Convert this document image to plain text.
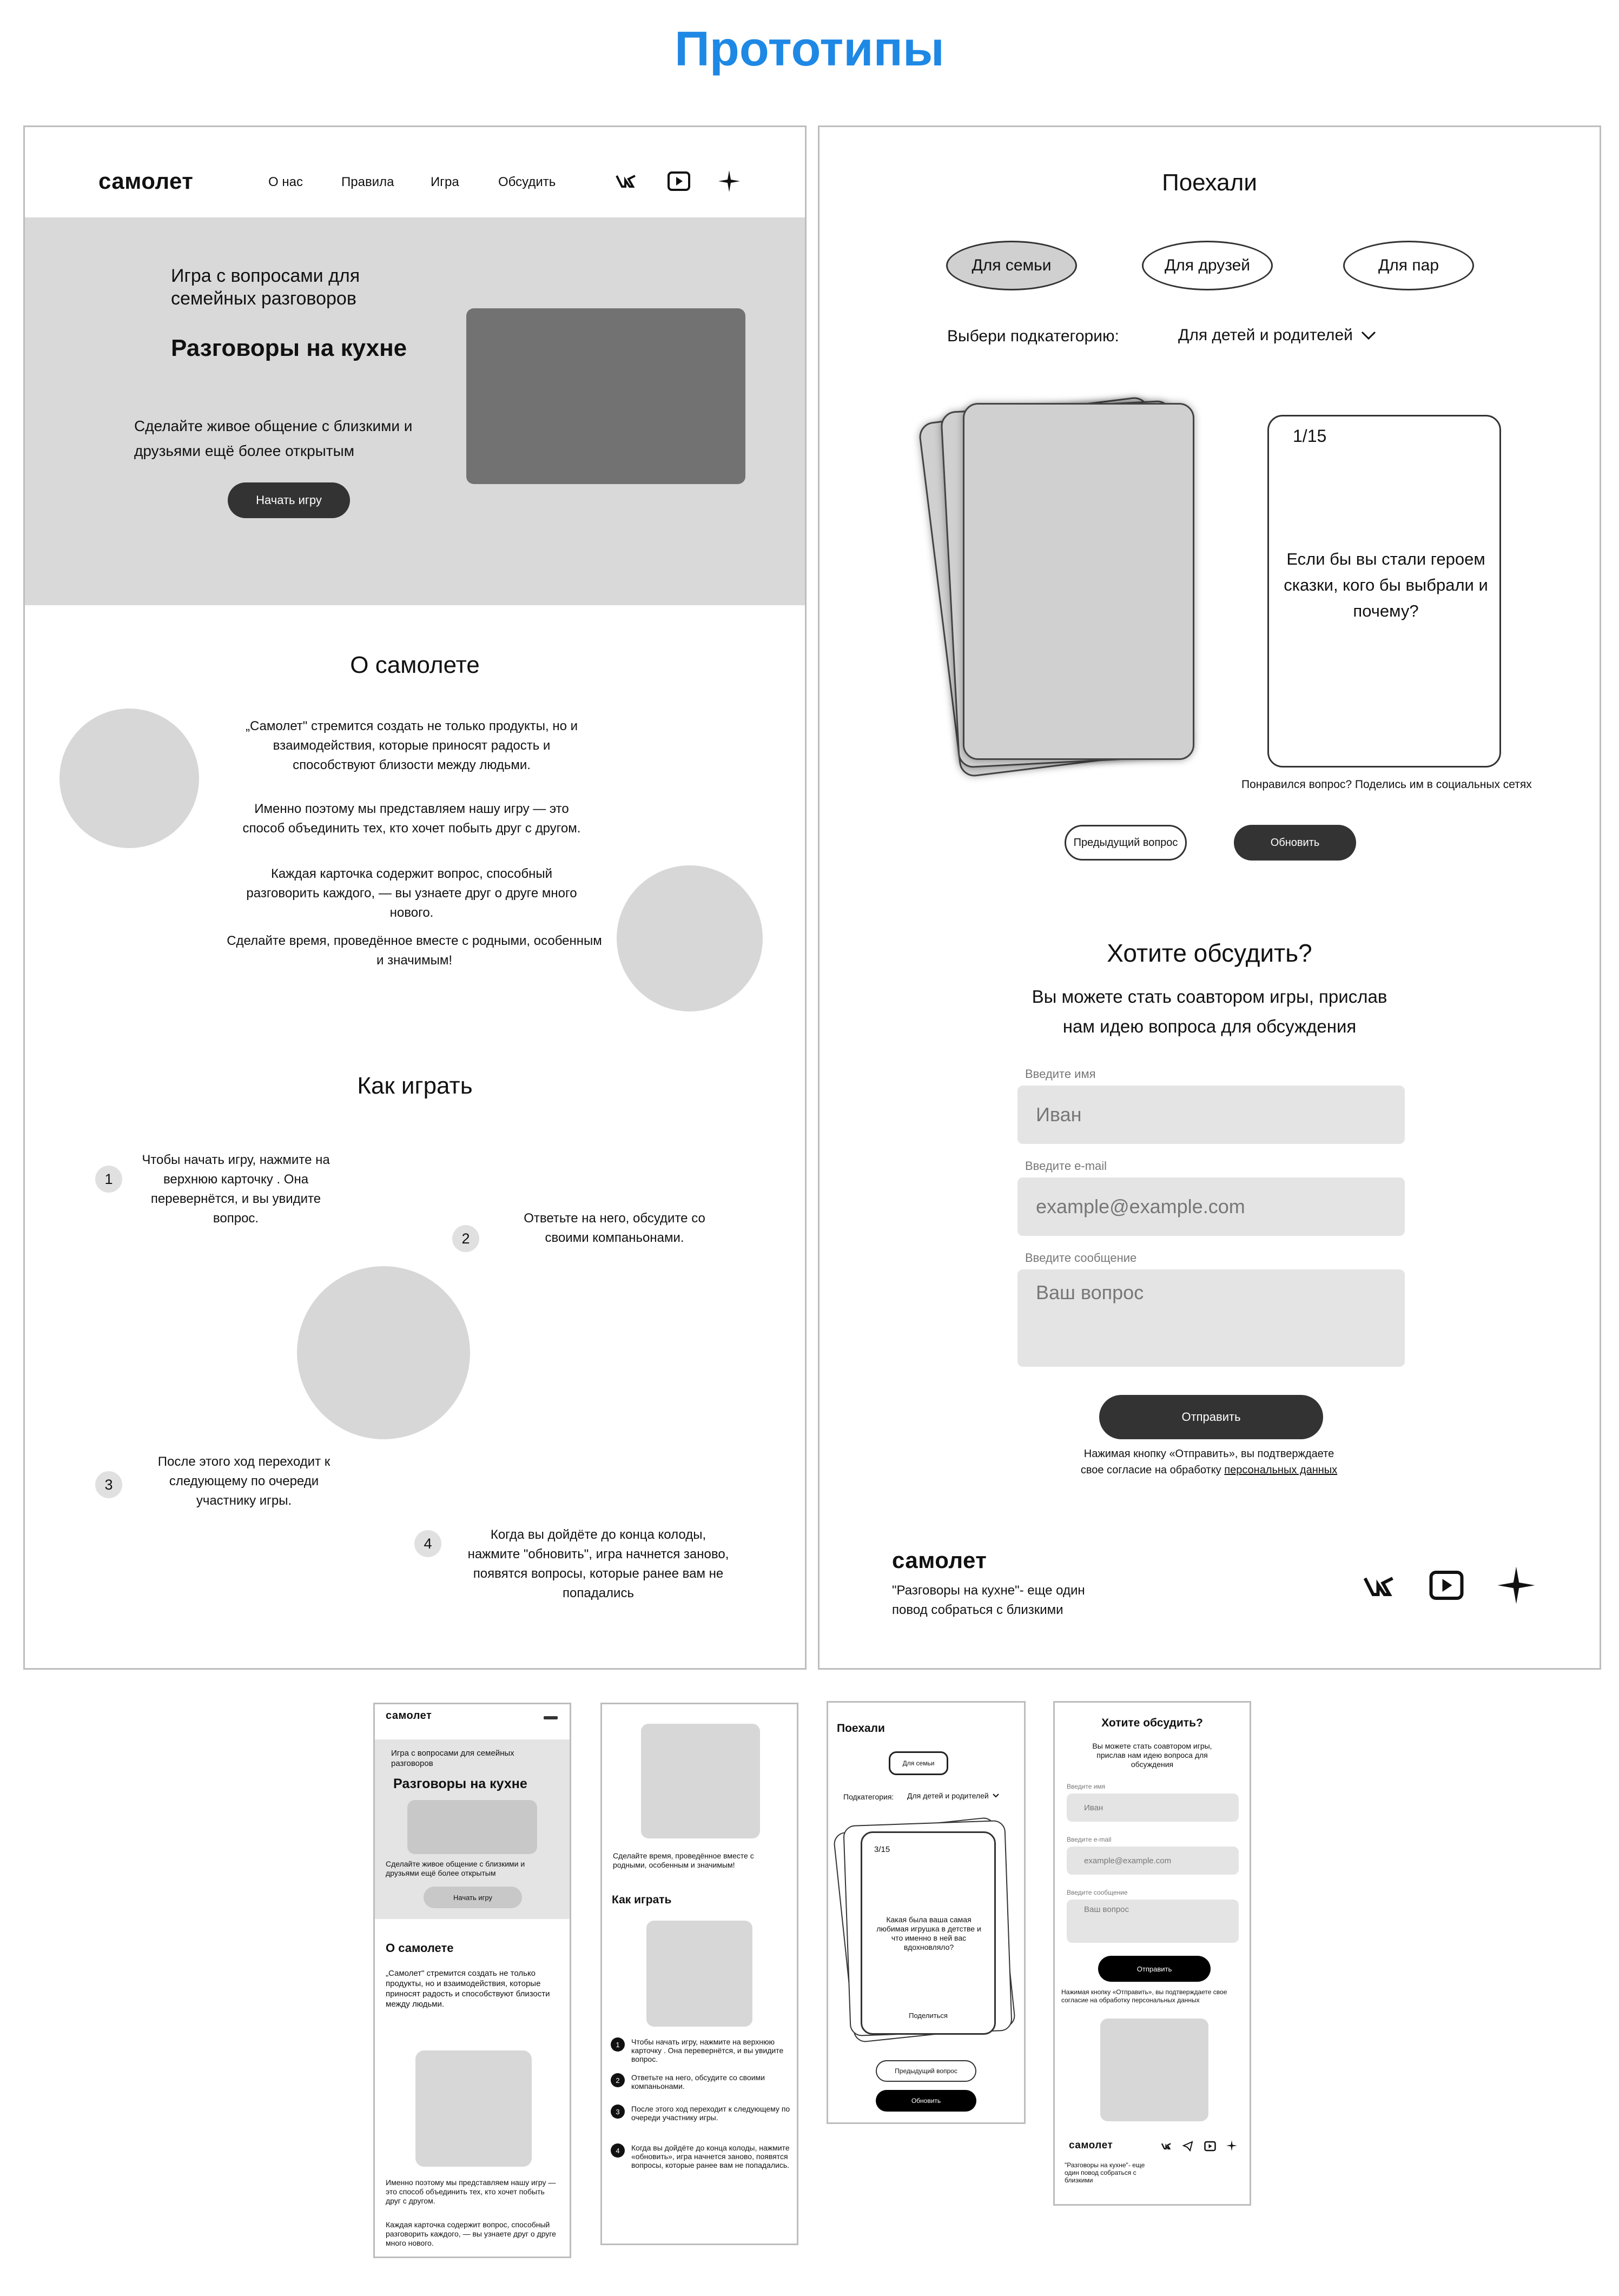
Прототипы
самолет	О нас	Правила	Игра	Обсудить
Игра с вопросами для семейных разговоров
Разговоры на кухне
Сделайте живое общение с близкими и друзьями ещё более открытым
Начать игру
О самолете
„Самолет" стремится создать не только продукты, но и взаимодействия, которые приносят радость и способствуют близости между людьми.
Именно поэтому мы представляем нашу игру — это способ объединить тех, кто хочет побыть друг с другом.
Каждая карточка содержит вопрос, способный разговорить каждого, — вы узнаете друг о друге много нового.
Сделайте время, проведённое вместе с родными, особенным и значимым!
Как играть
1
Чтобы начать игру, нажмите на верхнюю карточку . Она перевернётся, и вы увидите вопрос.
2
Ответьте на него, обсудите со своими компаньонами.
3
После этого ход переходит к следующему по очереди участнику игры.
4
Когда вы дойдёте до конца колоды, нажмите "обновить", игра начнется заново, появятся вопросы, которые ранее вам не попадались
Поехали
Для семьи	Для друзей	Для пар
Выбери подкатегорию:	Для детей и родителей
1/15
Если бы вы стали героем сказки, кого бы выбрали и почему?
Понравился вопрос? Поделись им в социальных сетях
Предыдущий вопрос	Обновить
Хотите обсудить?
Вы можете стать соавтором игры, прислав нам идею вопроса для обсуждения
Введите имя
Иван
Введите e-mail
example@example.com
Введите сообщение
Ваш вопрос
Отправить
Нажимая кнопку «Отправить», вы подтверждаете свое согласие на обработку персональных данных
самолет
"Разговоры на кухне"- еще один повод собраться с близкими
самолет
Игра с вопросами для семейных разговоров
Разговоры на кухне
Сделайте живое общение с близкими и друзьями ещё более открытым
Начать игру
О самолете
„Самолет" стремится создать не только продукты, но и взаимодействия, которые приносят радость и способствуют близости между людьми.
Именно поэтому мы представляем нашу игру — это способ объединить тех, кто хочет побыть друг с другом.
Каждая карточка содержит вопрос, способный разговорить каждого, — вы узнаете друг о друге много нового.
Сделайте время, проведённое вместе с родными, особенным и значимым!
Как играть
1	Чтобы начать игру, нажмите на верхнюю карточку . Она перевернётся, и вы увидите вопрос.
2	Ответьте на него, обсудите со своими компаньонами.
3	После этого ход переходит к следующему по очереди участнику игры.
4	Когда вы дойдёте до конца колоды, нажмите «обновить», игра начнется заново, появятся вопросы, которые ранее вам не попадались.
Поехали
Для семьи
Подкатегория: Для детей и родителей
3/15
Какая была ваша самая любимая игрушка в детстве и что именно в ней вас вдохновляло?
Поделиться
Предыдущий вопрос
Обновить
Хотите обсудить?
Вы можете стать соавтором игры, прислав нам идею вопроса для обсуждения
Введите имя
Иван
Введите e-mail
example@example.com
Введите сообщение
Ваш вопрос
Отправить
Нажимая кнопку «Отправить», вы подтверждаете свое согласие на обработку персональных данных
самолет
"Разговоры на кухне"- еще один повод собраться с близкими
